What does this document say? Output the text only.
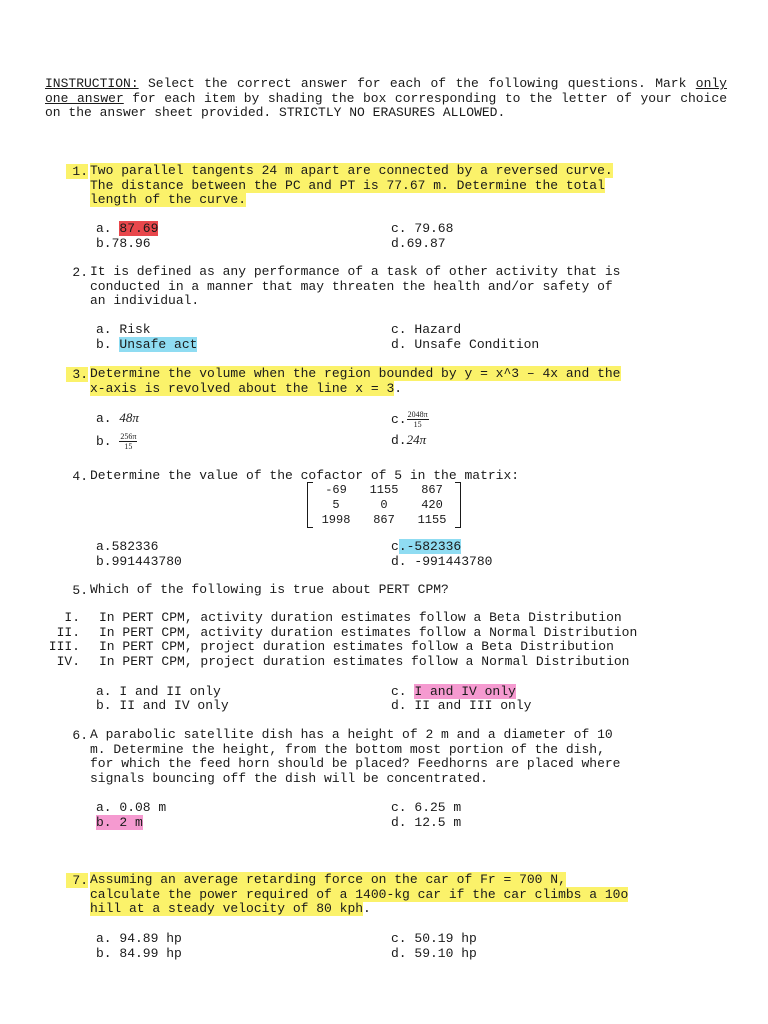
INSTRUCTION: Select the correct answer for each of the following questions. Mark only one answer for each item by shading the box corresponding to the letter of your choice on the answer sheet provided. STRICTLY NO ERASURES ALLOWED.
1. Two parallel tangents 24 m apart are connected by a reversed curve.
The distance between the PC and PT is 77.67 m. Determine the total
length of the curve.
a. 87.69
b.78.96
c. 79.68
d.69.87
2. It is defined as any performance of a task of other activity that is
conducted in a manner that may threaten the health and/or safety of
an individual.
a. Risk
b. Unsafe act
c. Hazard
d. Unsafe Condition
3. Determine the volume when the region bounded by y = x^3 – 4x and the
x-axis is revolved about the line x = 3.
a. 48π
b. $\frac{256\pi}{15}$
c. $\frac{2048\pi}{15}$
d.24π
4. Determine the value of the cofactor of 5 in the matrix:
-69	1155	867
5	0	420
1998	867	1155
a.582336
b.991443780
c.-582336
d. -991443780
5. Which of the following is true about PERT CPM?
I. In PERT CPM, activity duration estimates follow a Beta Distribution
II. In PERT CPM, activity duration estimates follow a Normal Distribution
III. In PERT CPM, project duration estimates follow a Beta Distribution
IV. In PERT CPM, project duration estimates follow a Normal Distribution
a. I and II only
b. II and IV only
c. I and IV only
d. II and III only
6. A parabolic satellite dish has a height of 2 m and a diameter of 10
m. Determine the height, from the bottom most portion of the dish,
for which the feed horn should be placed? Feedhorns are placed where
signals bouncing off the dish will be concentrated.
a. 0.08 m
b. 2 m
c. 6.25 m
d. 12.5 m
7. Assuming an average retarding force on the car of Fr = 700 N,
calculate the power required of a 1400-kg car if the car climbs a 10o
hill at a steady velocity of 80 kph.
a. 94.89 hp
b. 84.99 hp
c. 50.19 hp
d. 59.10 hp
